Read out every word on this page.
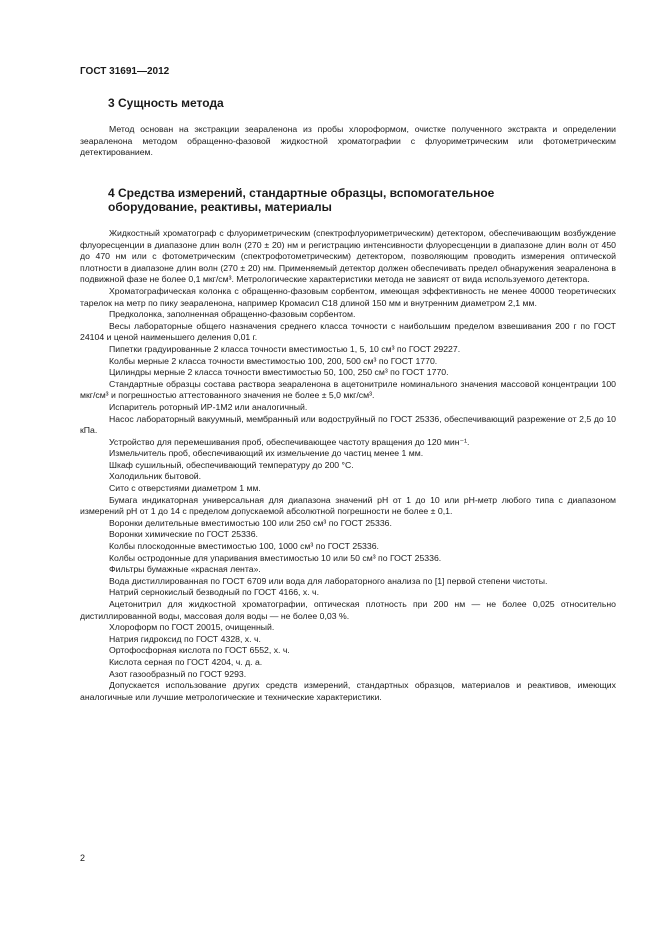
ГОСТ 31691—2012
3 Сущность метода

Метод основан на экстракции зеараленона из пробы хлороформом, очистке полученного экстракта и определении зеараленона методом обращенно-фазовой жидкостной хроматографии с флуориметрическим или фотометрическим детектированием.

4 Средства измерений, стандартные образцы, вспомогательное оборудование, реактивы, материалы

Жидкостный хроматограф с флуориметрическим (спектрофлуориметрическим) детектором, обеспечивающим возбуждение флуоресценции в диапазоне длин волн (270 ± 20) нм и регистрацию интенсивности флуоресценции в диапазоне длин волн от 450 до 470 нм или с фотометрическим (спектрофотометрическим) детектором, позволяющим проводить измерения оптической плотности в диапазоне длин волн (270 ± 20) нм. Применяемый детектор должен обеспечивать предел обнаружения зеараленона в подвижной фазе не более 0,1 мкг/см³. Метрологические характеристики метода не зависят от вида используемого детектора.

Хроматографическая колонка с обращенно-фазовым сорбентом, имеющая эффективность не менее 40000 теоретических тарелок на метр по пику зеараленона, например Кромасил С18 длиной 150 мм и внутренним диаметром 2,1 мм.

Предколонка, заполненная обращенно-фазовым сорбентом.

Весы лабораторные общего назначения среднего класса точности с наибольшим пределом взвешивания 200 г по ГОСТ 24104 и ценой наименьшего деления 0,01 г.

Пипетки градуированные 2 класса точности вместимостью 1, 5, 10 см³ по ГОСТ 29227.

Колбы мерные 2 класса точности вместимостью 100, 200, 500 см³ по ГОСТ 1770.

Цилиндры мерные 2 класса точности вместимостью 50, 100, 250 см³ по ГОСТ 1770.

Стандартные образцы состава раствора зеараленона в ацетонитриле номинального значения массовой концентрации 100 мкг/см³ и погрешностью аттестованного значения не более ± 5,0 мкг/см³.

Испаритель роторный ИР-1М2 или аналогичный.

Насос лабораторный вакуумный, мембранный или водоструйный по ГОСТ 25336, обеспечивающий разрежение от 2,5 до 10 кПа.

Устройство для перемешивания проб, обеспечивающее частоту вращения до 120 мин⁻¹.

Измельчитель проб, обеспечивающий их измельчение до частиц менее 1 мм.

Шкаф сушильный, обеспечивающий температуру до 200 °С.

Холодильник бытовой.

Сито с отверстиями диаметром 1 мм.

Бумага индикаторная универсальная для диапазона значений рН от 1 до 10 или рН-метр любого типа с диапазоном измерений рН от 1 до 14 с пределом допускаемой абсолютной погрешности не более ± 0,1.

Воронки делительные вместимостью 100 или 250 см³ по ГОСТ 25336.

Воронки химические по ГОСТ 25336.

Колбы плоскодонные вместимостью 100, 1000 см³ по ГОСТ 25336.

Колбы остродонные для упаривания вместимостью 10 или 50 см³ по ГОСТ 25336.

Фильтры бумажные «красная лента».

Вода дистиллированная по ГОСТ 6709 или вода для лабораторного анализа по [1] первой степени чистоты.

Натрий сернокислый безводный по ГОСТ 4166, х. ч.

Ацетонитрил для жидкостной хроматографии, оптическая плотность при 200 нм — не более 0,025 относительно дистиллированной воды, массовая доля воды — не более 0,03 %.

Хлороформ по ГОСТ 20015, очищенный.

Натрия гидроксид по ГОСТ 4328, х. ч.

Ортофосфорная кислота по ГОСТ 6552, х. ч.

Кислота серная по ГОСТ 4204, ч. д. а.

Азот газообразный по ГОСТ 9293.

Допускается использование других средств измерений, стандартных образцов, материалов и реактивов, имеющих аналогичные или лучшие метрологические и технические характеристики.

2
